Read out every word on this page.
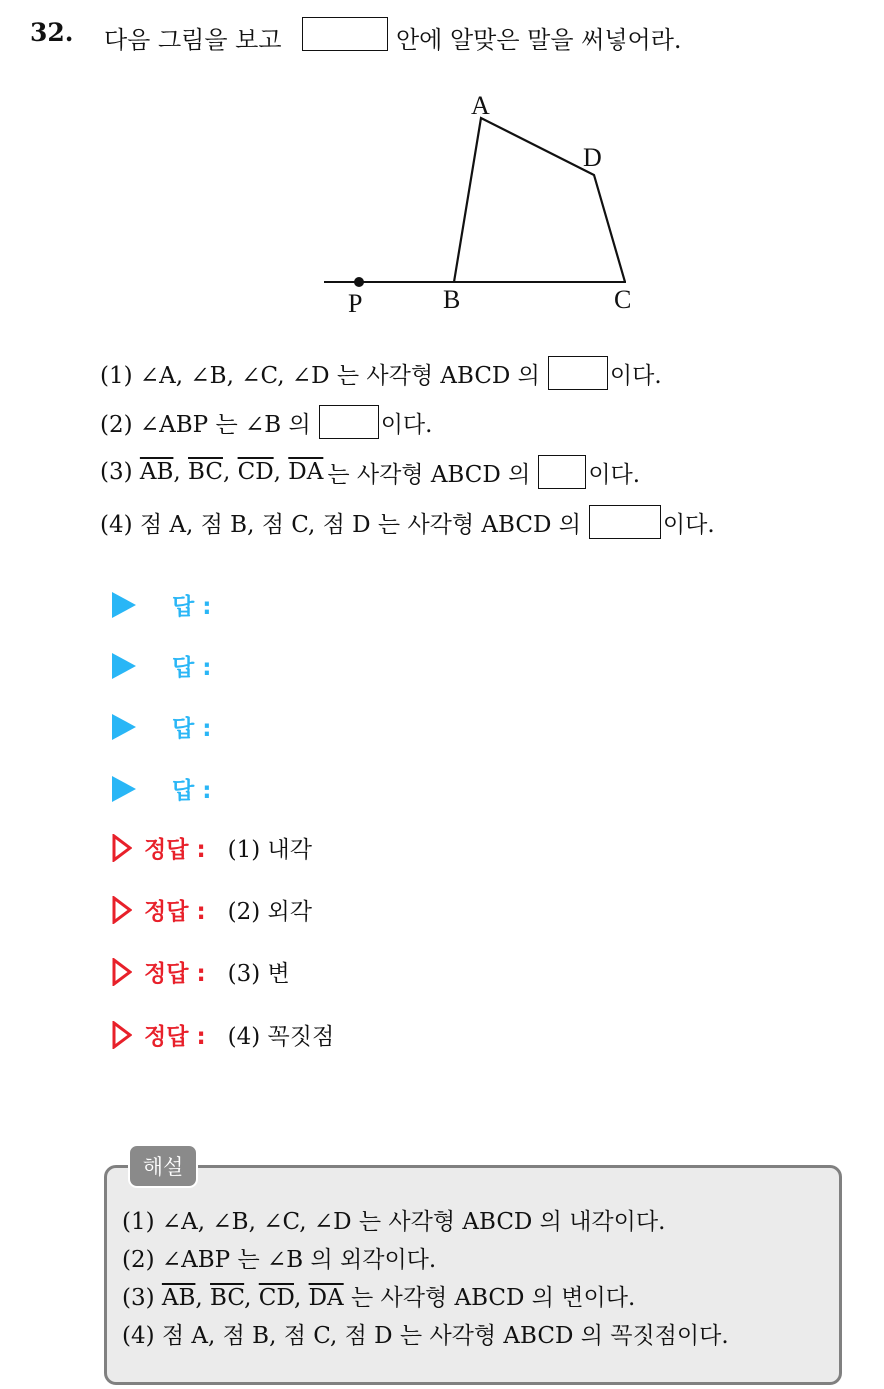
32. 다음 그림을 보고	안에 알맞은 말을 써넣어라.
A
D
P	B	C
(1) ∠A, ∠B, ∠C, ∠D 는 사각형 ABCD 의	이다.
(2) ∠ABP 는 ∠B 의	이다.
(3) $\overline{AB}$ , $\overline{BC}$ , $\overline{CD}$ , $\overline{DA}$ 는 사각형 ABCD 의	이다.
(4) 점 A, 점 B, 점 C, 점 D 는 사각형 ABCD 의	이다.
답 :
답 :
답 :
답 :
정답 : (1) 내각
정답 : (2) 외각
정답 : (3) 변
정답 : (4) 꼭짓점
해설
(1) ∠A, ∠B, ∠C, ∠D 는 사각형 ABCD 의 내각이다.
(2) ∠ABP 는 ∠B 의 외각이다.
(3) $\overline{AB}$, $\overline{BC}$, $\overline{CD}$, $\overline{DA}$ 는 사각형 ABCD 의 변이다.
(4) 점 A, 점 B, 점 C, 점 D 는 사각형 ABCD 의 꼭짓점이다.
